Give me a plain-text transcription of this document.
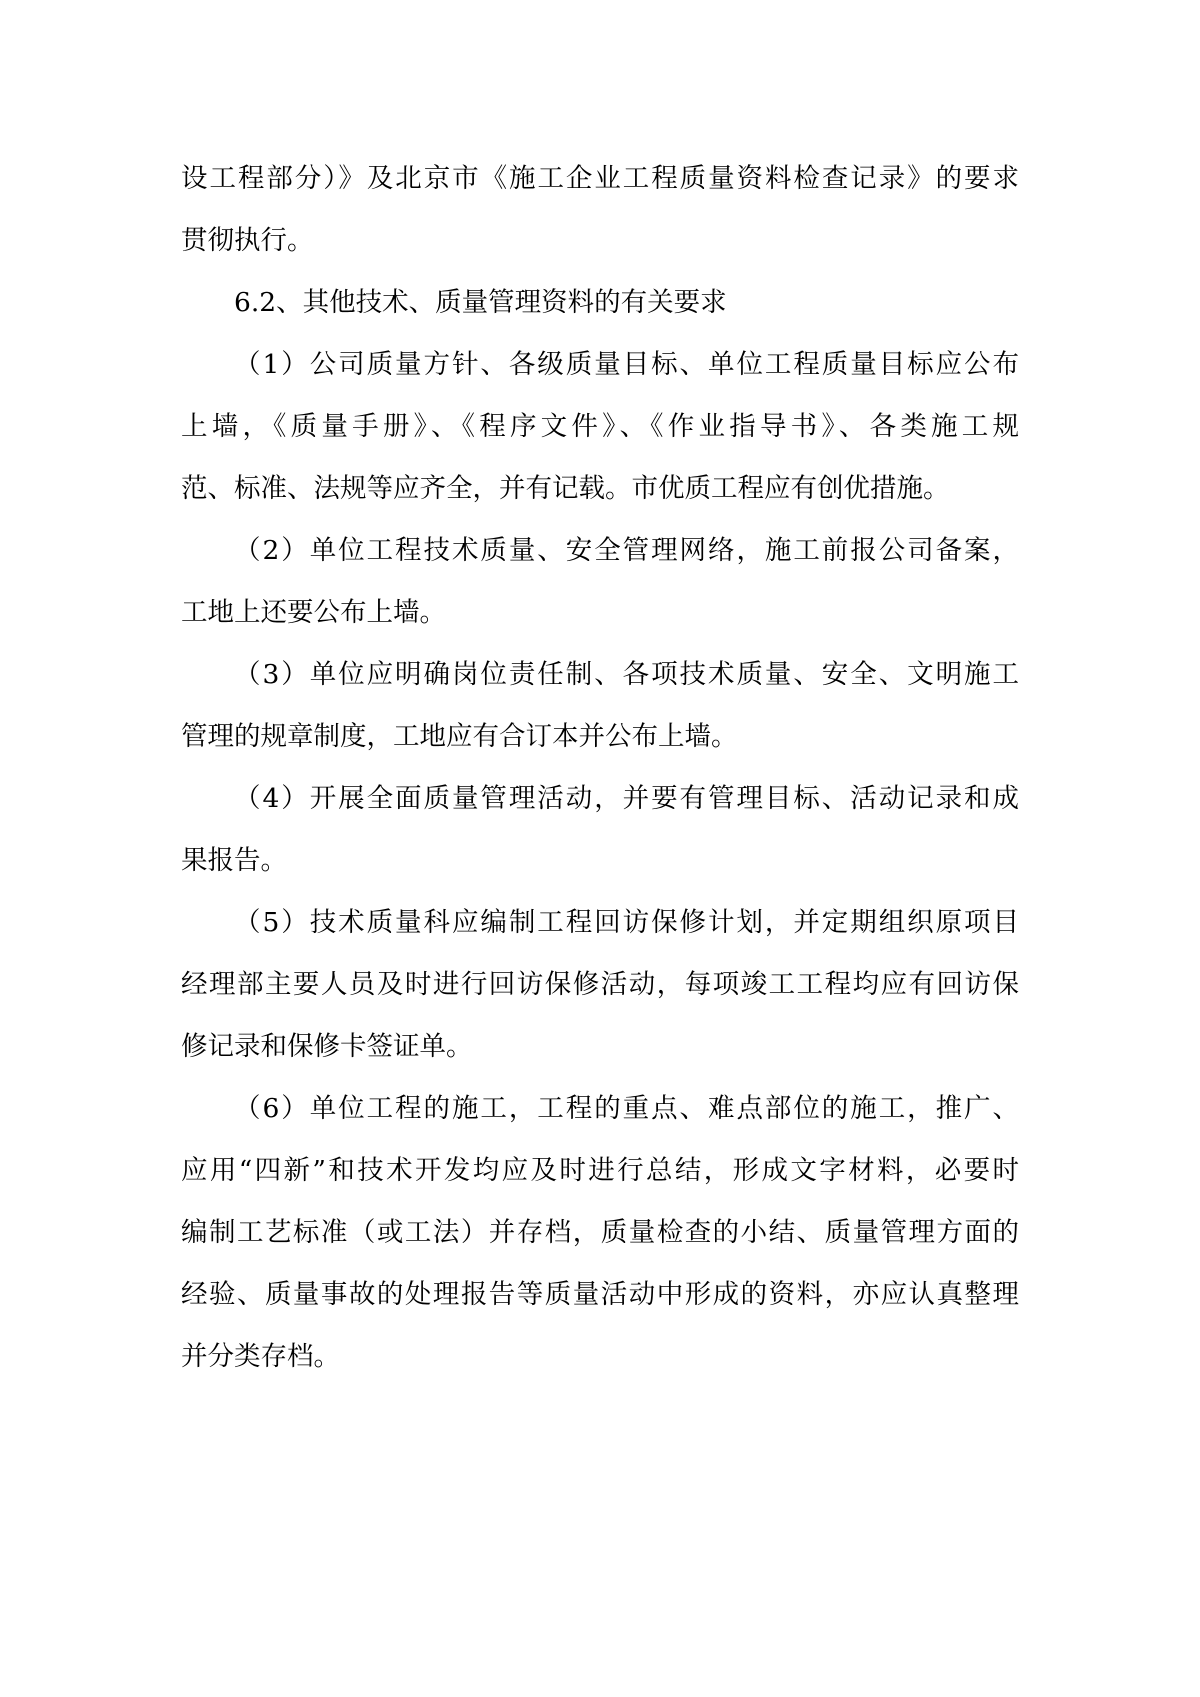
设工程部分）》及北京市《施工企业工程质量资料检查记录》的要求
贯彻执行。
6.2、其他技术、质量管理资料的有关要求
（1）公司质量方针、各级质量目标、单位工程质量目标应公布
上墙，《质量手册》、《程序文件》、《作业指导书》、各类施工规
范、标准、法规等应齐全，并有记载。市优质工程应有创优措施。
（2）单位工程技术质量、安全管理网络，施工前报公司备案，
工地上还要公布上墙。
（3）单位应明确岗位责任制、各项技术质量、安全、文明施工
管理的规章制度，工地应有合订本并公布上墙。
（4）开展全面质量管理活动，并要有管理目标、活动记录和成
果报告。
（5）技术质量科应编制工程回访保修计划，并定期组织原项目
经理部主要人员及时进行回访保修活动，每项竣工工程均应有回访保
修记录和保修卡签证单。
（6）单位工程的施工，工程的重点、难点部位的施工，推广、
应用“四新”和技术开发均应及时进行总结，形成文字材料，必要时
编制工艺标准（或工法）并存档，质量检查的小结、质量管理方面的
经验、质量事故的处理报告等质量活动中形成的资料，亦应认真整理
并分类存档。
